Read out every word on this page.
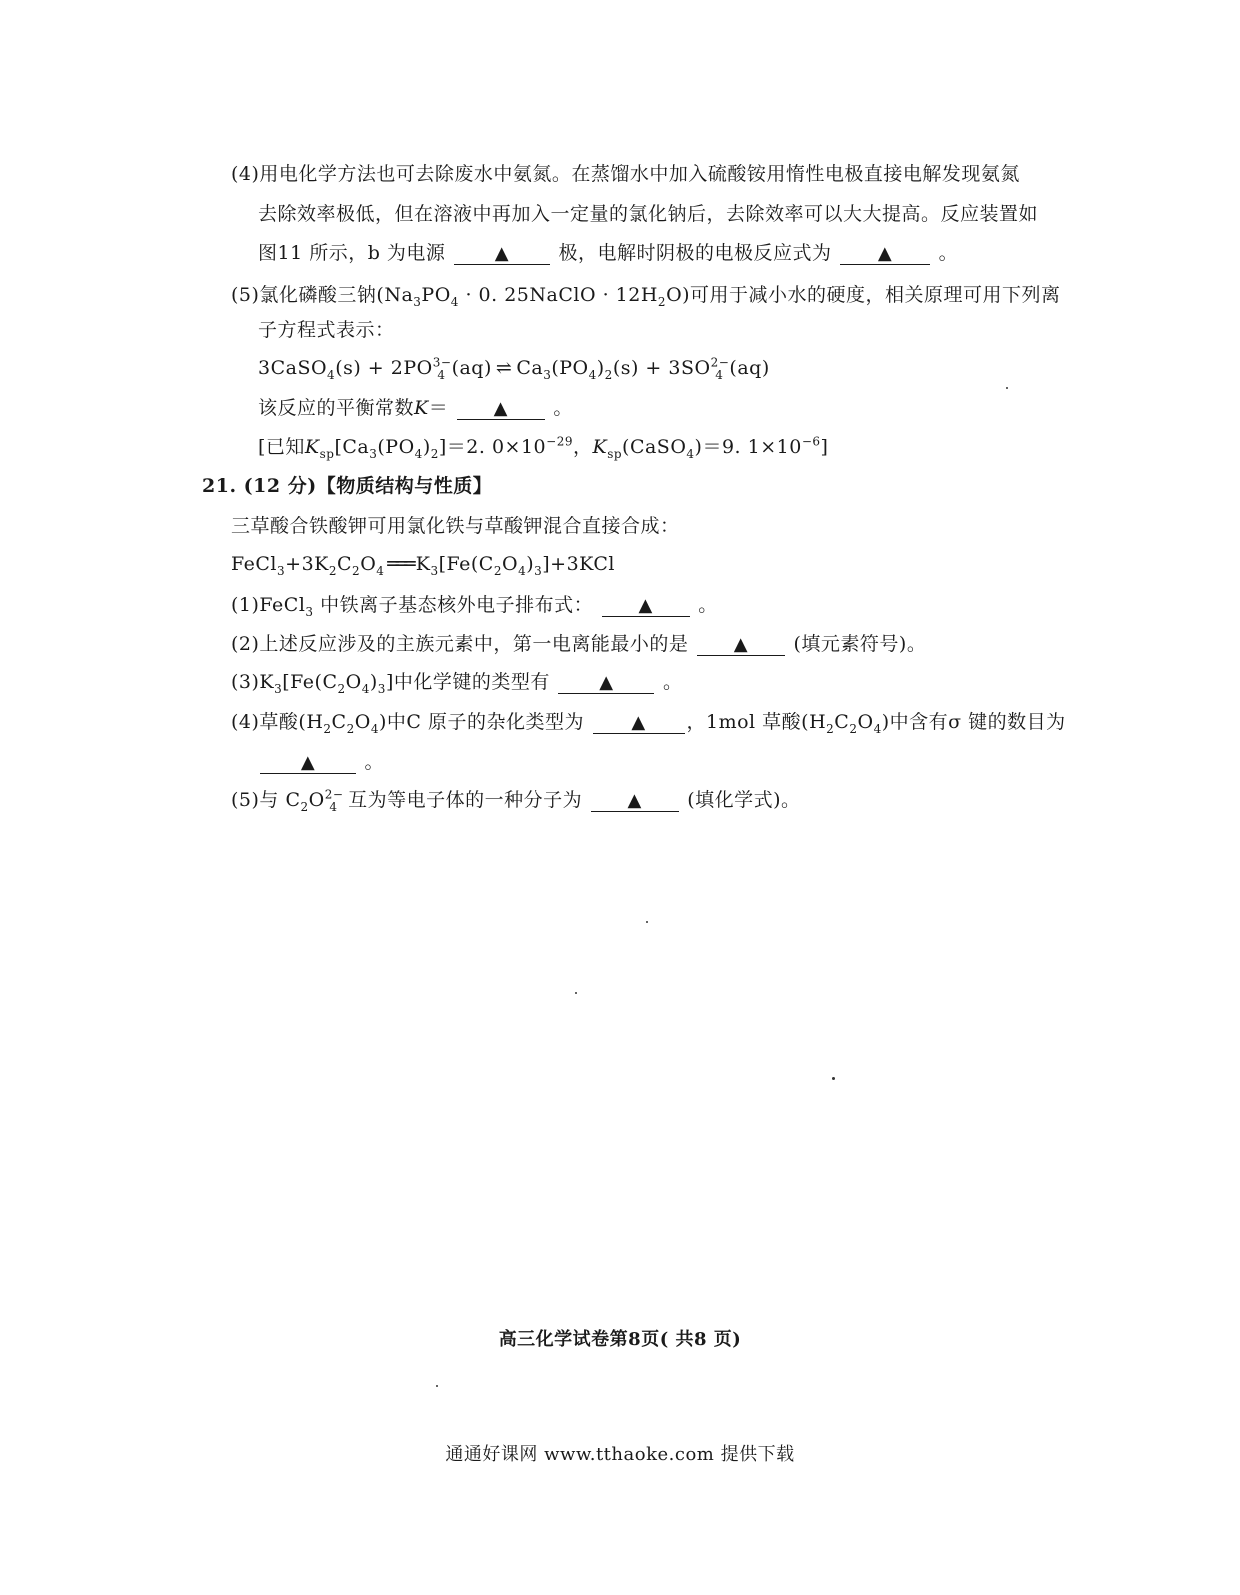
(4)用电化学方法也可去除废水中氨氮。在蒸馏水中加入硫酸铵用惰性电极直接电解发现氨氮
去除效率极低，但在溶液中再加入一定量的氯化钠后，去除效率可以大大提高。反应装置如
图11 所示，b 为电源	▲	极，电解时阴极的电极反应式为	▲ 。
(5)氯化磷酸三钠($Na_3PO_4 \cdot 0$. 25NaClO · $12H_2O$)可用于减小水的硬度，相关原理可用下列离
子方程式表示：
3CaSO$_4$(s) + $2PO^{3-}_4$ (aq) ⇌ $Ca_3(PO_4)_2(s) + 3SO^{2-}_4$ (aq)
该反应的平衡常数K＝	▲ 。
[已知$K_{sp}[Ca_3(PO_4)_2]=2$. $0\times 10^{-29}$，$K_{sp}(CaSO_4)=9$. $1\times 10^{-6}$]
21. (12 分)【物质结构与性质】
三草酸合铁酸钾可用氯化铁与草酸钾混合直接合成：
$FeCl_3+3K_2C_2O_4$ ═══ $K_3[Fe(C_2O_4)_3]+3KCl$
(1)FeCl$_3$ 中铁离子基态核外电子排布式：	▲ 。
(2)上述反应涉及的主族元素中，第一电离能最小的是	▲ (填元素符号)。
$(3)K_3[Fe(C_2O_4)_3]$中化学键的类型有	▲	。
(4)草酸$(H_2C_2O_4)$中C 原子的杂化类型为	▲ ，1mol 草酸$(H_2C_2O_4)$中含有σ 键的数目为
▲	。
(5)与 $C_2O^{2-}_4$ 互为等电子体的一种分子为	▲ (填化学式)。
高三化学试卷第8页( 共8 页)
通通好课网 www.tthaoke.com 提供下载
